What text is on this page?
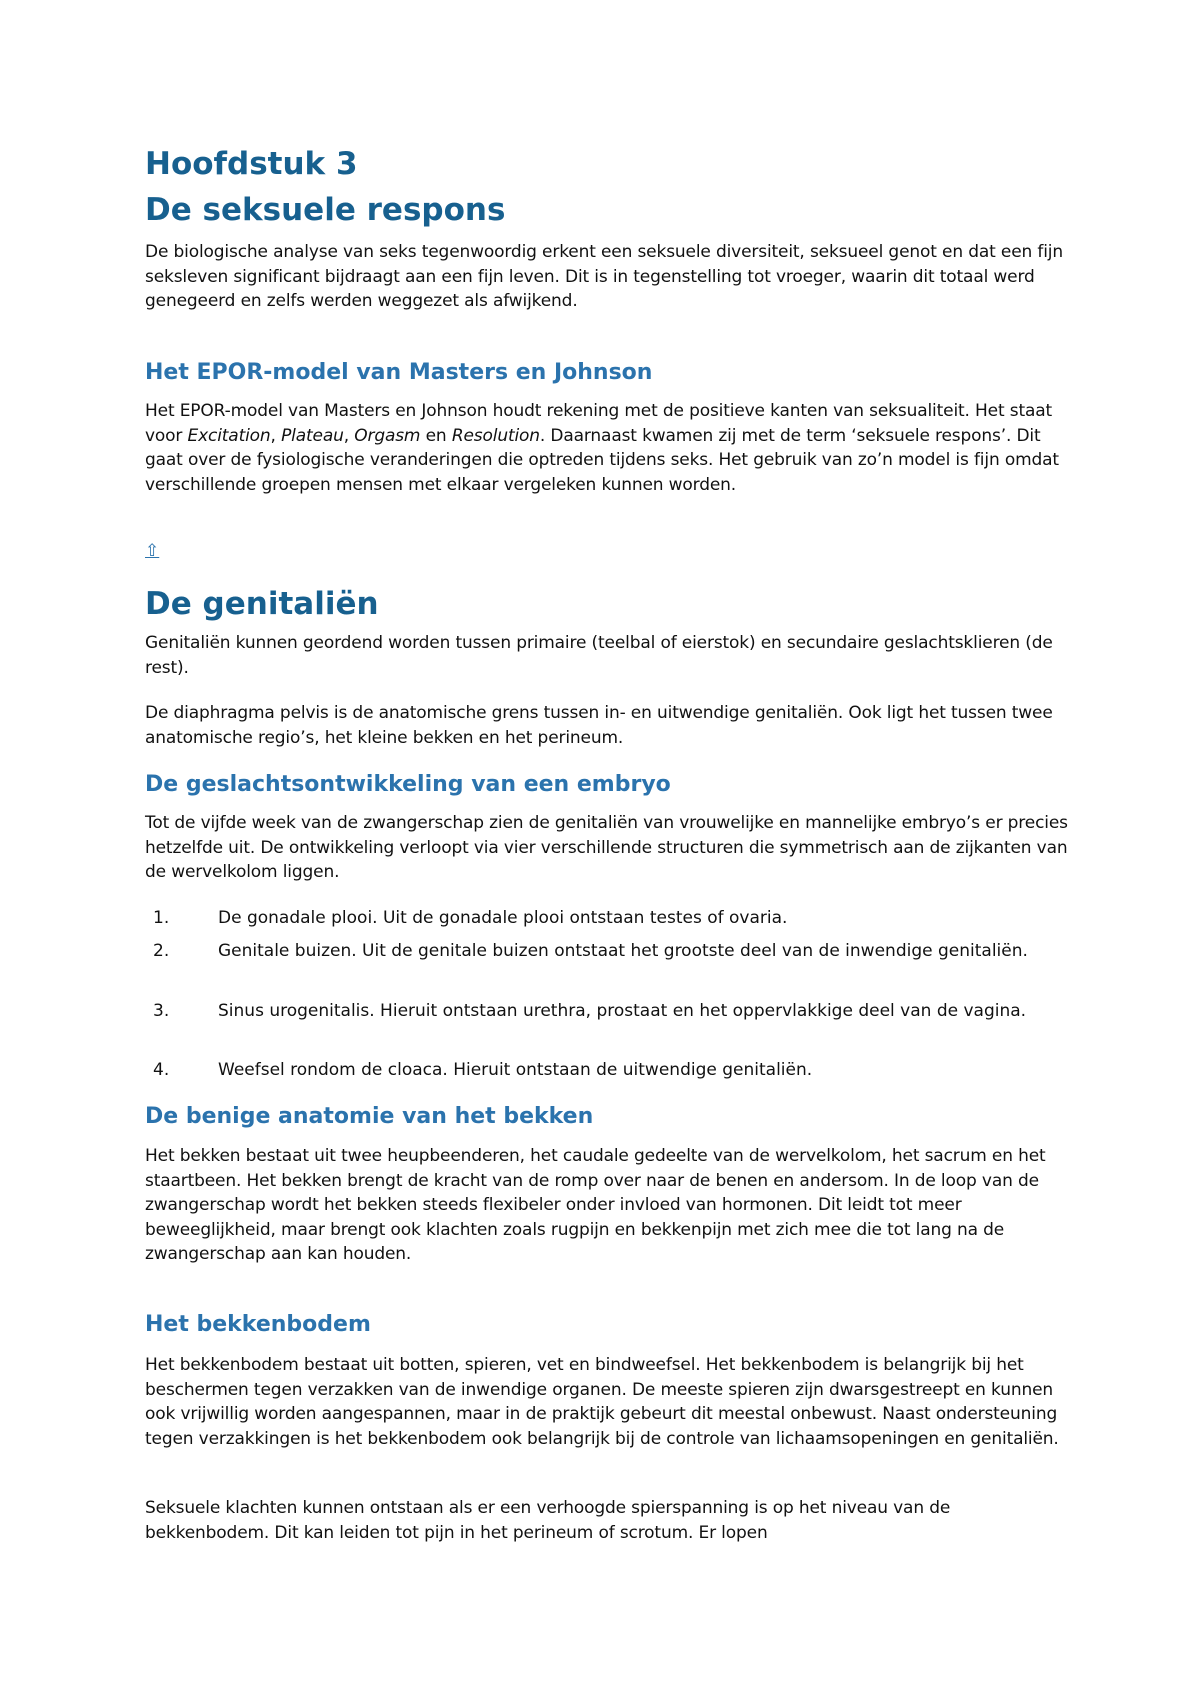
Hoofdstuk 3
De seksuele respons

De biologische analyse van seks tegenwoordig erkent een seksuele diversiteit, seksueel genot en dat een fijn seksleven significant bijdraagt aan een fijn leven. Dit is in tegenstelling tot vroeger, waarin dit totaal werd genegeerd en zelfs werden weggezet als afwijkend.

Het EPOR-model van Masters en Johnson

Het EPOR-model van Masters en Johnson houdt rekening met de positieve kanten van seksualiteit. Het staat voor Excitation, Plateau, Orgasm en Resolution. Daarnaast kwamen zij met de term ‘seksuele respons’. Dit gaat over de fysiologische veranderingen die optreden tijdens seks. Het gebruik van zo’n model is fijn omdat verschillende groepen mensen met elkaar vergeleken kunnen worden.

⇧
De genitaliën

Genitaliën kunnen geordend worden tussen primaire (teelbal of eierstok) en secundaire geslachtsklieren (de rest).

De diaphragma pelvis is de anatomische grens tussen in- en uitwendige genitaliën. Ook ligt het tussen twee anatomische regio’s, het kleine bekken en het perineum.

De geslachtsontwikkeling van een embryo

Tot de vijfde week van de zwangerschap zien de genitaliën van vrouwelijke en mannelijke embryo’s er precies hetzelfde uit. De ontwikkeling verloopt via vier verschillende structuren die symmetrisch aan de zijkanten van de wervelkolom liggen.

1.	De gonadale plooi. Uit de gonadale plooi ontstaan testes of ovaria.
2.	Genitale buizen. Uit de genitale buizen ontstaat het grootste deel van de inwendige genitaliën.
3.	Sinus urogenitalis. Hieruit ontstaan urethra, prostaat en het oppervlakkige deel van de vagina.
4.	Weefsel rondom de cloaca. Hieruit ontstaan de uitwendige genitaliën.
De benige anatomie van het bekken

Het bekken bestaat uit twee heupbeenderen, het caudale gedeelte van de wervelkolom, het sacrum en het staartbeen. Het bekken brengt de kracht van de romp over naar de benen en andersom. In de loop van de zwangerschap wordt het bekken steeds flexibeler onder invloed van hormonen. Dit leidt tot meer beweeglijkheid, maar brengt ook klachten zoals rugpijn en bekkenpijn met zich mee die tot lang na de zwangerschap aan kan houden.

Het bekkenbodem

Het bekkenbodem bestaat uit botten, spieren, vet en bindweefsel. Het bekkenbodem is belangrijk bij het beschermen tegen verzakken van de inwendige organen. De meeste spieren zijn dwarsgestreept en kunnen ook vrijwillig worden aangespannen, maar in de praktijk gebeurt dit meestal onbewust. Naast ondersteuning tegen verzakkingen is het bekkenbodem ook belangrijk bij de controle van lichaamsopeningen en genitaliën.

Seksuele klachten kunnen ontstaan als er een verhoogde spierspanning is op het niveau van de bekkenbodem. Dit kan leiden tot pijn in het perineum of scrotum. Er lopen
